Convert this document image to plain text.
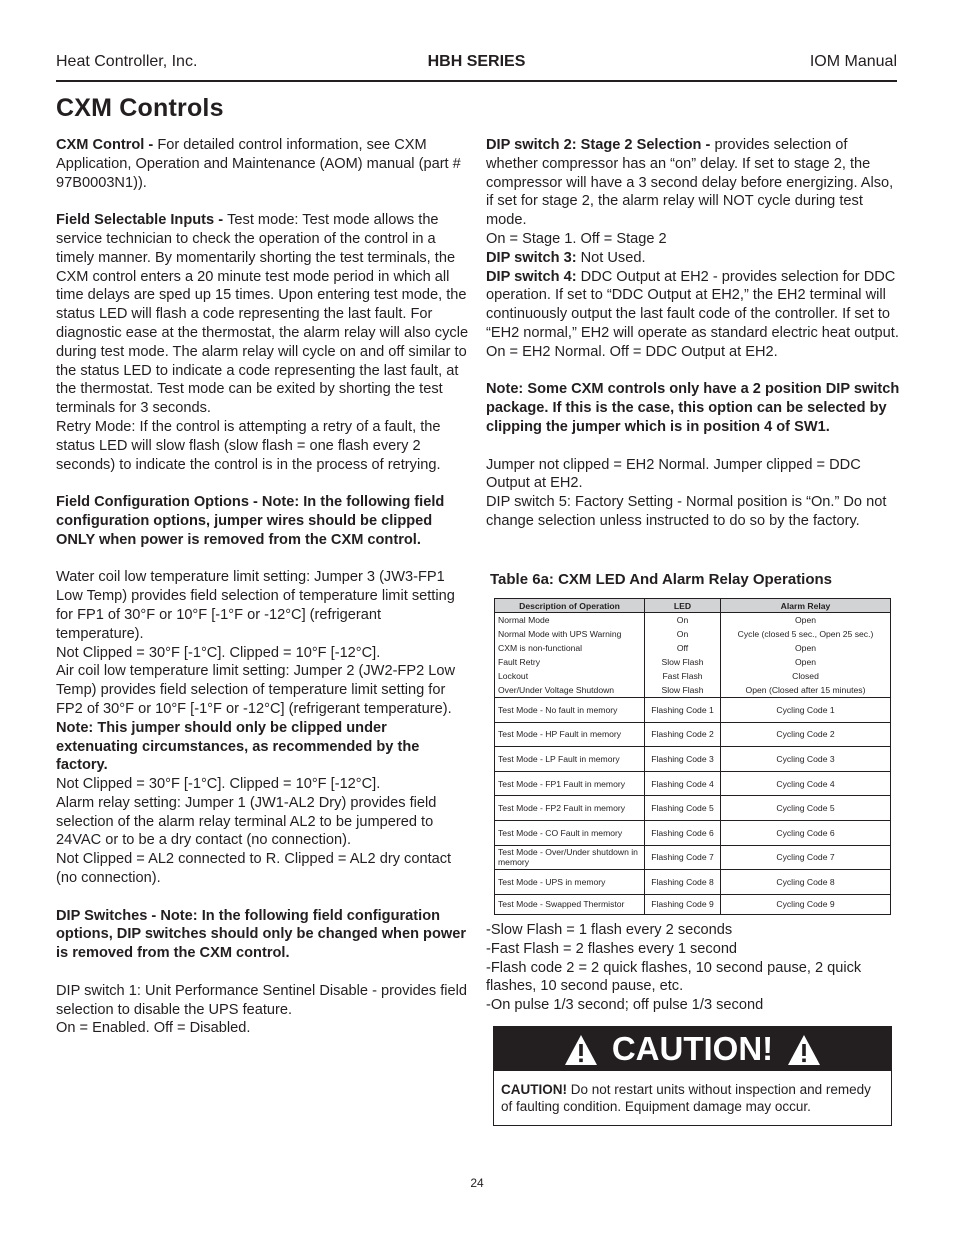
Heat Controller, Inc.	HBH SERIES	IOM Manual
CXM Controls

CXM Control - For detailed control information, see CXM Application, Operation and Maintenance (AOM) manual (part # 97B0003N1)).

Field Selectable Inputs - Test mode: Test mode allows the service technician to check the operation of the control in a timely manner. By momentarily shorting the test terminals, the CXM control enters a 20 minute test mode period in which all time delays are sped up 15 times. Upon entering test mode, the status LED will flash a code representing the last fault. For diagnostic ease at the thermostat, the alarm relay will also cycle during test mode. The alarm relay will cycle on and off similar to the status LED to indicate a code representing the last fault, at the thermostat. Test mode can be exited by shorting the test terminals for 3 seconds.

Retry Mode: If the control is attempting a retry of a fault, the status LED will slow flash (slow flash = one flash every 2 seconds) to indicate the control is in the process of retrying.

Field Configuration Options - Note: In the following field configuration options, jumper wires should be clipped ONLY when power is removed from the CXM control.

Water coil low temperature limit setting: Jumper 3 (JW3-FP1 Low Temp) provides field selection of temperature limit setting for FP1 of 30°F or 10°F [-1°F or -12°C] (refrigerant temperature).

Not Clipped = 30°F [-1°C]. Clipped = 10°F [-12°C].

Air coil low temperature limit setting: Jumper 2 (JW2-FP2 Low Temp) provides field selection of temperature limit setting for FP2 of 30°F or 10°F [-1°F or -12°C] (refrigerant temperature). Note: This jumper should only be clipped under extenuating circumstances, as recommended by the factory.

Not Clipped = 30°F [-1°C]. Clipped = 10°F [-12°C].

Alarm relay setting: Jumper 1 (JW1-AL2 Dry) provides field selection of the alarm relay terminal AL2 to be jumpered to 24VAC or to be a dry contact (no connection).

Not Clipped = AL2 connected to R. Clipped = AL2 dry contact (no connection).

DIP Switches - Note: In the following field configuration options, DIP switches should only be changed when power is removed from the CXM control.

DIP switch 1: Unit Performance Sentinel Disable - provides field selection to disable the UPS feature.

On = Enabled. Off = Disabled.

DIP switch 2: Stage 2 Selection - provides selection of whether compressor has an “on” delay. If set to stage 2, the compressor will have a 3 second delay before energizing. Also, if set for stage 2, the alarm relay will NOT cycle during test mode.

On = Stage 1. Off = Stage 2

DIP switch 3: Not Used.

DIP switch 4: DDC Output at EH2 - provides selection for DDC operation. If set to “DDC Output at EH2,” the EH2 terminal will continuously output the last fault code of the controller. If set to “EH2 normal,” EH2 will operate as standard electric heat output.

On = EH2 Normal. Off = DDC Output at EH2.

Note: Some CXM controls only have a 2 position DIP switch package. If this is the case, this option can be selected by clipping the jumper which is in position 4 of SW1.

Jumper not clipped = EH2 Normal. Jumper clipped = DDC Output at EH2.

DIP switch 5: Factory Setting - Normal position is “On.” Do not change selection unless instructed to do so by the factory.

Table 6a: CXM LED And Alarm Relay Operations

Description of Operation	LED	Alarm Relay
Normal Mode	On	Open
Normal Mode with UPS Warning	On	Cycle (closed 5 sec., Open 25 sec.)
CXM is non-functional	Off	Open
Fault Retry	Slow Flash	Open
Lockout	Fast Flash	Closed
Over/Under Voltage Shutdown	Slow Flash	Open (Closed after 15 minutes)
Test Mode - No fault in memory	Flashing Code 1	Cycling Code 1
Test Mode - HP Fault in memory	Flashing Code 2	Cycling Code 2
Test Mode - LP Fault in memory	Flashing Code 3	Cycling Code 3
Test Mode - FP1 Fault in memory	Flashing Code 4	Cycling Code 4
Test Mode - FP2 Fault in memory	Flashing Code 5	Cycling Code 5
Test Mode - CO Fault in memory	Flashing Code 6	Cycling Code 6
Test Mode - Over/Under shutdown in memory	Flashing Code 7	Cycling Code 7
Test Mode - UPS in memory	Flashing Code 8	Cycling Code 8
Test Mode - Swapped Thermistor	Flashing Code 9	Cycling Code 9

-Slow Flash = 1 flash every 2 seconds

-Fast Flash = 2 flashes every 1 second

-Flash code 2 = 2 quick flashes, 10 second pause, 2 quick flashes, 10 second pause, etc.

-On pulse 1/3 second; off pulse 1/3 second

CAUTION!
CAUTION! Do not restart units without inspection and remedy of faulting condition. Equipment damage may occur.
24
